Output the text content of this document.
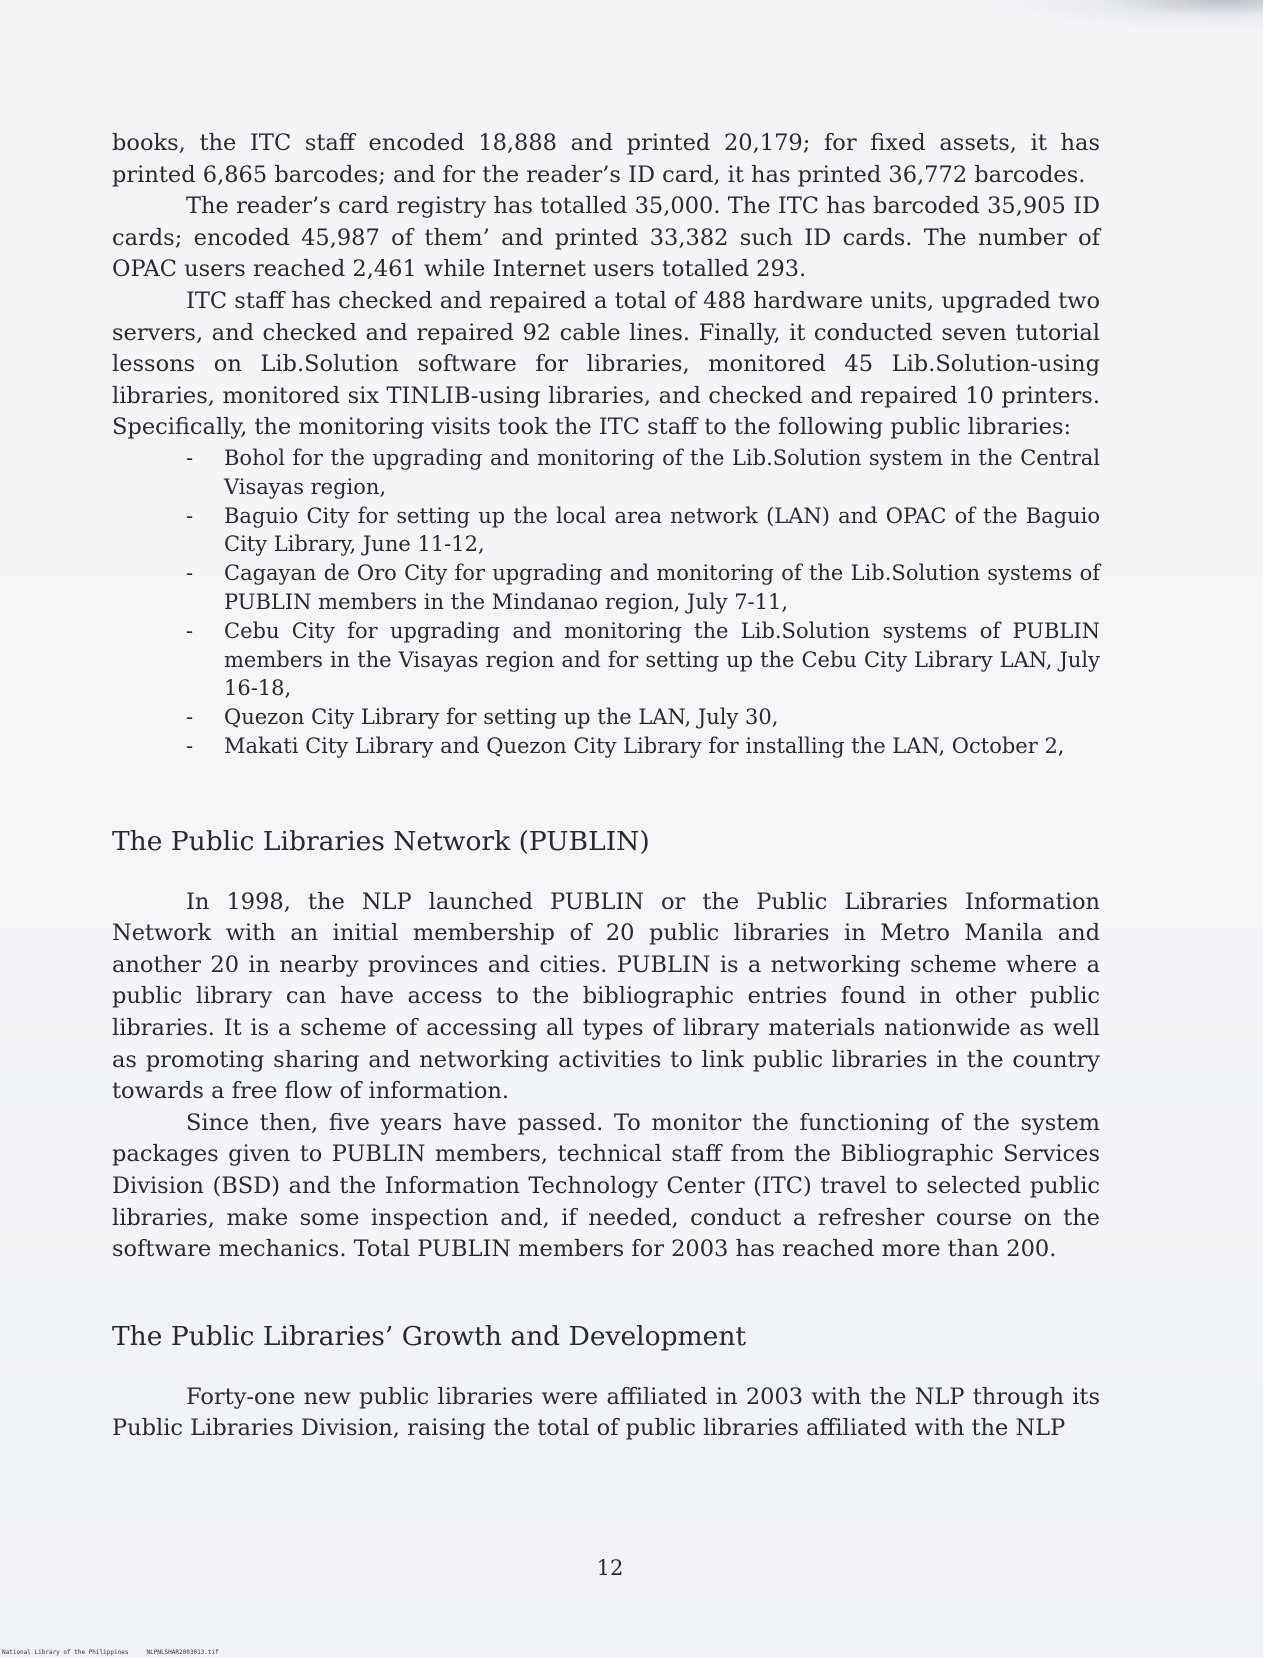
books, the ITC staff encoded 18,888 and printed 20,179; for fixed assets, it has printed 6,865 barcodes; and for the reader’s ID card, it has printed 36,772 barcodes.

The reader’s card registry has totalled 35,000. The ITC has barcoded 35,905 ID cards; encoded 45,987 of them’ and printed 33,382 such ID cards. The number of OPAC users reached 2,461 while Internet users totalled 293.

ITC staff has checked and repaired a total of 488 hardware units, upgraded two servers, and checked and repaired 92 cable lines. Finally, it conducted seven tutorial lessons on Lib.Solution software for libraries, monitored 45 Lib.Solution-using libraries, monitored six TINLIB-using libraries, and checked and repaired 10 printers. Specifically, the monitoring visits took the ITC staff to the following public libraries:

- Bohol for the upgrading and monitoring of the Lib.Solution system in the Central Visayas region,
- Baguio City for setting up the local area network (LAN) and OPAC of the Baguio City Library, June 11-12,
- Cagayan de Oro City for upgrading and monitoring of the Lib.Solution systems of PUBLIN members in the Mindanao region, July 7-11,
- Cebu City for upgrading and monitoring the Lib.Solution systems of PUBLIN members in the Visayas region and for setting up the Cebu City Library LAN, July 16-18,
- Quezon City Library for setting up the LAN, July 30,
- Makati City Library and Quezon City Library for installing the LAN, October 2,
The Public Libraries Network (PUBLIN)

In 1998, the NLP launched PUBLIN or the Public Libraries Information Network with an initial membership of 20 public libraries in Metro Manila and another 20 in nearby provinces and cities. PUBLIN is a networking scheme where a public library can have access to the bibliographic entries found in other public libraries. It is a scheme of accessing all types of library materials nationwide as well as promoting sharing and networking activities to link public libraries in the country towards a free flow of information.

Since then, five years have passed. To monitor the functioning of the system packages given to PUBLIN members, technical staff from the Bibliographic Services Division (BSD) and the Information Technology Center (ITC) travel to selected public libraries, make some inspection and, if needed, conduct a refresher course on the software mechanics. Total PUBLIN members for 2003 has reached more than 200.

The Public Libraries’ Growth and Development

Forty-one new public libraries were affiliated in 2003 with the NLP through its Public Libraries Division, raising the total of public libraries affiliated with the NLP

12
National Library of the Philippines	NLPNLSHAR2003013.tif
